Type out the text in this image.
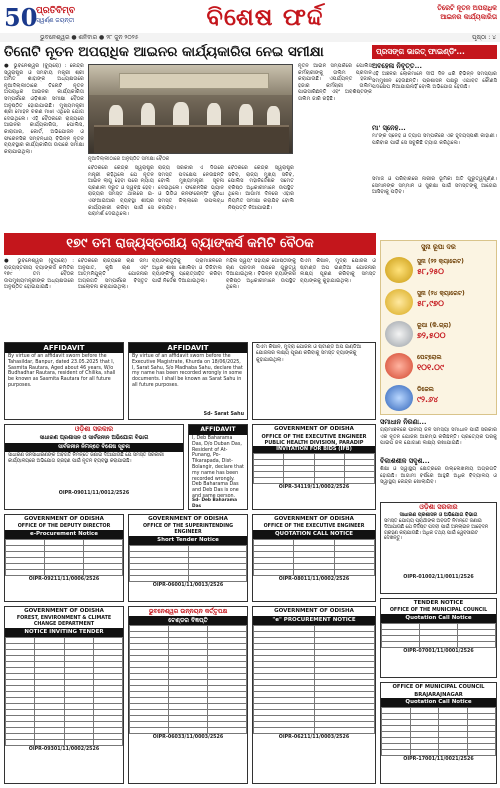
50
ପ୍ରତିବିମ୍ବ
ସ୍ୱର୍ଣ୍ଣ ଜୟନ୍ତୀ	ବିଶେଷ ଫର୍ଦ୍ଦ	ତିରେଟି ନୂତନ ଅପରାଧିକ
ଆଇନର କାର୍ଯ୍ୟକାରିତା
ଭୁବନେଶ୍ୱର ● ଶନିବାର ● ୨୮ ଜୁନ ୨୦୨୫	ପୃଷ୍ଠା : ୪
ତିନୋଟି ନୂତନ ଅପରାଧିକ ଆଇନର କାର୍ଯ୍ୟକାରିତା ନେଇ ସମୀକ୍ଷା	ପ୍ରସଙ୍ଗ ଭାରତ୍ ଫାଇଣ୍ଡିଂ...
● ଭୁବନେଶ୍ୱର (ବ୍ୟୁରୋ) : କେନ୍ଦ୍ର ସ୍ୱରାଷ୍ଟ୍ର ଓ ସମବାୟ ମନ୍ତ୍ରୀ ଶ୍ରୀ ଅମିତ ଶାହାଙ୍କ ଅଧ୍ୟକ୍ଷତାରେ ନୂଆଦିଲ୍ଲୀଠାରେ ତିନୋଟି ନୂତନ ଅପରାଧିକ ଆଇନର କାର୍ଯ୍ୟକାରିତା ସମ୍ପର୍କରେ ଓଡ଼ିଶାର ସମୀକ୍ଷା ବୈଠକ ଅନୁଷ୍ଠିତ ହୋଇଯାଇଛି। ମୁଖ୍ୟମନ୍ତ୍ରୀ ଶ୍ରୀ ମୋହନ ଚରଣ ମାଝୀ ଏଥିରେ ଯୋଗ ଦେଇଥିଲେ। ଏହି ବୈଠକରେ ରାଜ୍ୟରେ ଆଇନର କାର୍ଯ୍ୟକାରିତା, ପୋଲିସ, କାରାଗାର, କୋର୍ଟ, ଅଭିଯୋଜନ ଓ ଫରେନସିକ ସମ୍ବନ୍ଧୀୟ ବିଭିନ୍ନ ନୂତନ ବ୍ୟବସ୍ଥାର କାର୍ଯ୍ୟକାରିତା ଉପରେ ସମୀକ୍ଷା କରାଯାଇଥିଲା।
ନୂଆଦିଲ୍ଲୀଠାରେ ଅନୁଷ୍ଠିତ ସମୀକ୍ଷା ବୈଠକ
ବୈଠକରେ କେନ୍ଦ୍ର ସ୍ୱରାଷ୍ଟ୍ର ମନ୍ତ୍ରୀ କହିଥିଲେ ଯେ ନୂତନ ଆଇନ ଲାଗୁ ହେବା ପରେ ନ୍ୟାୟ ପ୍ରଣାଳୀ ଦ୍ରୁତ ଓ ସ୍ୱଚ୍ଛ ହେବ। ରାଜ୍ୟର ସମସ୍ତ ଥାନାରେ ଇ-ଏଫଆଇଆର ବ୍ୟବସ୍ଥା ଶୀଘ୍ର କାର୍ଯ୍ୟକାରୀ କରିବା ପାଇଁ ସେ ପରାମର୍ଶ ଦେଇଥିଲେ।
ରାଜ୍ୟ ସରକାର ଏ ଦିଗରେ ସମସ୍ତ ପଦକ୍ଷେପ ନେଉଛନ୍ତି ବୋଲି ମୁଖ୍ୟମନ୍ତ୍ରୀ ସୂଚନା ଦେଇଥିଲେ। ଫରେନସିକ ଭ୍ୟାନ ଓ ଭିଡିଓ କନଫରେନ୍ସିଂ ସୁବିଧା ସମସ୍ତ ଜିଲ୍ଲାରେ ଉପଲବ୍ଧ କରାଯିବ।
ବୈଠକରେ କେନ୍ଦ୍ର ସ୍ୱରାଷ୍ଟ୍ର ସଚିବ, ରାଜ୍ୟ ମୁଖ୍ୟ ସଚିବ, ପୋଲିସ ମହାନିର୍ଦ୍ଦେଶକ ସମେତ ବରିଷ୍ଠ ଅଧିକାରୀମାନେ ଉପସ୍ଥିତ ଥିଲେ। ଆଗାମୀ ଦିନରେ ଏହାର ନିୟମିତ ସମୀକ୍ଷା କରାଯିବ ବୋଲି ନିଷ୍ପତ୍ତି ନିଆଯାଇଛି।
ନୂତନ ଆଇନ ସମ୍ପର୍କରେ ପୋଲିସ କର୍ମଚାରୀଙ୍କୁ ତାଲିମ ପ୍ରଦାନ କରାଯାଉଛି। ଏପର୍ଯ୍ୟନ୍ତ ହଜାର ହଜାର କର୍ମଚାରୀ ତାଲିମ ପାଇସାରିଛନ୍ତି ଏବଂ ଅବଶିଷ୍ଟଙ୍କ ତାଲିମ ଜାରି ରହିଛି।
ଅବହେଳା ନିବୃତ୍ତ...
ଏହି ଅଞ୍ଚଳର ଲୋକମାନେ ଦୀର୍ଘ ଦିନ ଧରି ବିଭିନ୍ନ ସମସ୍ୟାର ସମ୍ମୁଖୀନ ହେଉଛନ୍ତି। ପ୍ରଶାସନ ପକ୍ଷରୁ ଏଯାବତ କୌଣସି ପଦକ୍ଷେପ ନିଆଯାଇନାହିଁ ବୋଲି ଅଭିଯୋଗ ହେଉଛି।
ମା' ସ୍ନେହ...
ମା'ଙ୍କ ସ୍ନେହ ଓ ତ୍ୟାଗ ସମ୍ପର୍କରେ ଏକ ହୃଦୟସ୍ପର୍ଶୀ କାହାଣୀ। ପରିବାର ପାଇଁ ସେ ସବୁକିଛି ତ୍ୟାଗ କରିଥିଲେ।
ସମାଜ ଓ ପରିବାରରେ ନାରୀର ଭୂମିକା ଅତି ଗୁରୁତ୍ୱପୂର୍ଣ୍ଣ। ସେମାନଙ୍କ ସମ୍ମାନ ଓ ସୁରକ୍ଷା ପାଇଁ ସମସ୍ତଙ୍କୁ ଆଗେଇ ଆସିବାକୁ ପଡ଼ିବ।
୧୭୯ ତମ ରାଜ୍ୟସ୍ତରୀୟ ବ୍ୟାଙ୍କର୍ସ କମିଟି ବୈଠକ
● ଭୁବନେଶ୍ୱର (ବ୍ୟୁରୋ) : ରାଜ୍ୟସ୍ତରୀୟ ବ୍ୟାଙ୍କର୍ସ କମିଟିର ୧୭୯ ତମ ବୈଠକ ଉପମୁଖ୍ୟମନ୍ତ୍ରୀଙ୍କ ଅଧ୍ୟକ୍ଷତାରେ ଅନୁଷ୍ଠିତ ହୋଇଯାଇଛି।
ବୈଠକରେ ରାଜ୍ୟରେ ଋଣ ଜମା ଅନୁପାତ, କୃଷି ଋଣ ଏବଂ ଆତ୍ମନିଯୁକ୍ତି ଯୋଜନାର ଅଗ୍ରଗତି ସମ୍ପର୍କରେ ବିସ୍ତୃତ ଆଲୋଚନା କରାଯାଇଥିଲା।
ବ୍ୟାଙ୍କଗୁଡ଼ିକୁ ଗ୍ରାମାଞ୍ଚଳରେ ଅଧିକ ଶାଖା ଖୋଲିବା ଓ ଡିଜିଟାଲ ବ୍ୟାଙ୍କିଂକୁ ପ୍ରୋତ୍ସାହିତ କରିବା ପାଇଁ ନିର୍ଦ୍ଦେଶ ଦିଆଯାଇଥିଲା।
ମହିଳା ସ୍ୱୟଂ ସହାୟକ ଗୋଷ୍ଠୀଙ୍କୁ ଋଣ ପ୍ରଦାନ ଉପରେ ଗୁରୁତ୍ୱ ଦିଆଯାଇଥିଲା। ବିଭିନ୍ନ ବ୍ୟାଙ୍କର ବରିଷ୍ଠ ଅଧିକାରୀମାନେ ଉପସ୍ଥିତ ଥିଲେ।
ପିଏମ କିଷାନ, ମୁଦ୍ରା ଯୋଜନା ଓ ଷ୍ଟାଣ୍ଡ ଅପ ଇଣ୍ଡିଆ ଯୋଜନାର ଲକ୍ଷ୍ୟ ପୂରଣ କରିବାକୁ ସମସ୍ତ ବ୍ୟାଙ୍କକୁ କୁହାଯାଇଥିଲା।
ସୁନା ରୂପା ଦର
ସୁନା (୨୨ କ୍ୟାରେଟ)
୫୮,୨୫୦
ସୁନା (୨୪ କ୍ୟାରେଟ)
୫୮,୯୭୦
ରୂପା (କି.ଗ୍ରା)
୭୨,୫୦୦
ପେଟ୍ରୋଲ
୧୦୧.୦୯
ଡିଜେଲ
୯୨.୬୪
ସମାଧାନ ନିରଣା...
ଗ୍ରାମାଞ୍ଚଳରେ ପାନୀୟ ଜଳ ସମସ୍ୟା ସମାଧାନ ପାଇଁ ସରକାର ଏକ ନୂତନ ଯୋଜନା ଆରମ୍ଭ କରିଛନ୍ତି। ପ୍ରତ୍ୟେକ ଘରକୁ ପାଇପ ଜଳ ଯୋଗାଣ ଲକ୍ଷ୍ୟ ରଖାଯାଇଛି।
ବିକାଶଶୀଳ ସଦୃଶ...
ଶିକ୍ଷା ଓ ସ୍ୱାସ୍ଥ୍ୟ କ୍ଷେତ୍ରରେ ଉଲ୍ଲେଖନୀୟ ଅଗ୍ରଗତି ହୋଇଛି। ଆଗାମୀ ବର୍ଷରେ ଆହୁରି ଅଧିକ ବିଦ୍ୟାଳୟ ଓ ସ୍ୱାସ୍ଥ୍ୟ କେନ୍ଦ୍ର ଖୋଲାଯିବ।
AFFIDAVIT
By virtue of an affidavit sworn before the Tahasildar, Banpur, dated 23.05.2025 that I, Sasmita Rautara, Aged about 46 years, W/o Budhadhar Rautara, resident of Chilika, shall be known as Sasmita Rautara for all future purposes.
AFFIDAVIT
By virtue of an affidavit sworn before the Executive Magistrate, Khurda on 18/06/2025, I, Sarat Sahu, S/o Madhaba Sahu, declare that my name has been recorded wrongly in some documents. I shall be known as Sarat Sahu in all future purposes.
Sd- Sarat Sahu
ପିଏମ କିଷାନ, ମୁଦ୍ରା ଯୋଜନା ଓ ଷ୍ଟାଣ୍ଡ ଅପ ଇଣ୍ଡିଆ ଯୋଜନାର ଲକ୍ଷ୍ୟ ପୂରଣ କରିବାକୁ ସମସ୍ତ ବ୍ୟାଙ୍କକୁ କୁହାଯାଇଥିଲା।
ଓଡ଼ିଶା ସରକାର
ସାଧାରଣ ପ୍ରଶାସନ ଓ ସାର୍ବଜନୀନ ଅଭିଯୋଗ ବିଭାଗ
ସାର୍ବଜନୀନ ନିମନ୍ତେ ବିଶେଷ ସୂଚନା
ସାଧାରଣ ଜନସାଧାରଣଙ୍କ ଅବଗତି ନିମନ୍ତେ ଜଣାଇ ଦିଆଯାଉଛି ଯେ ସମସ୍ତ ସରକାରୀ କାର୍ଯ୍ୟାଳୟରେ ଅଭିଯୋଗ ଗ୍ରହଣ ପାଇଁ ନୂତନ ବ୍ୟବସ୍ଥା କରାଯାଇଛି।
OIPR-09011/11/0012/2526
AFFIDAVIT
I, Deb Baharama Das, D/o Duban Das, Resident of At-Punang, Po-Tikarapada, Dist-Bolangir, declare that my name has been recorded wrongly. Deb Baharama Das and Deb Das is one and same person.
Sd- Deb Baharama Das
GOVERNMENT OF ODISHA
OFFICE OF THE EXECUTIVE ENGINEER
PUBLIC HEALTH DIVISION, PARADIP
INVITATION FOR BIDS (IFB)

OIPR-34119/11/0002/2526
ଓଡ଼ିଶା ସରକାର
ସାଧାରଣ ପ୍ରଶାସନ ଓ ଅଭିଯୋଗ ବିଭାଗ
ସମସ୍ତ ଯୋଗ୍ୟ ପ୍ରାର୍ଥୀଙ୍କ ଅବଗତି ନିମନ୍ତେ ଜଣାଇ ଦିଆଯାଉଛି ଯେ ନିର୍ଦ୍ଦିଷ୍ଟ ପଦବୀ ପାଇଁ ଅନଲାଇନ ଆବେଦନ ଗ୍ରହଣ କରାଯାଉଛି। ଅଧିକ ତଥ୍ୟ ପାଇଁ ୱେବସାଇଟ ଦେଖନ୍ତୁ।
OIPR-01002/11/0011/2526
GOVERNMENT OF ODISHA
OFFICE OF THE DEPUTY DIRECTOR
e-Procurement Notice

OIPR-09211/11/0006/2526
GOVERNMENT OF ODISHA
OFFICE OF THE SUPERINTENDING ENGINEER
Short Tender Notice

OIPR-06001/11/0013/2526
GOVERNMENT OF ODISHA
OFFICE OF THE EXECUTIVE ENGINEER
QUOTATION CALL NOTICE

OIPR-08011/11/0002/2526
TENDER NOTICE
OFFICE OF THE MUNICIPAL COUNCIL
Quotation Call Notice

OIPR-07001/11/0001/2526
GOVERNMENT OF ODISHA
FOREST, ENVIRONMENT & CLIMATE CHANGE DEPARTMENT
NOTICE INVITING TENDER

OIPR-09301/11/0002/2526
ଭୁବନେଶ୍ୱର ଉନ୍ନୟନ କର୍ତ୍ତୃପକ୍ଷ
ଟେଣ୍ଡର ବିଜ୍ଞପ୍ତି

OIPR-06033/11/0003/2526
GOVERNMENT OF ODISHA
"e" PROCUREMENT NOTICE

OIPR-06211/11/0003/2526
OFFICE OF MUNICIPAL COUNCIL
BRAJARAJNAGAR
Quotation Call Notice

OIPR-17001/11/0021/2526
